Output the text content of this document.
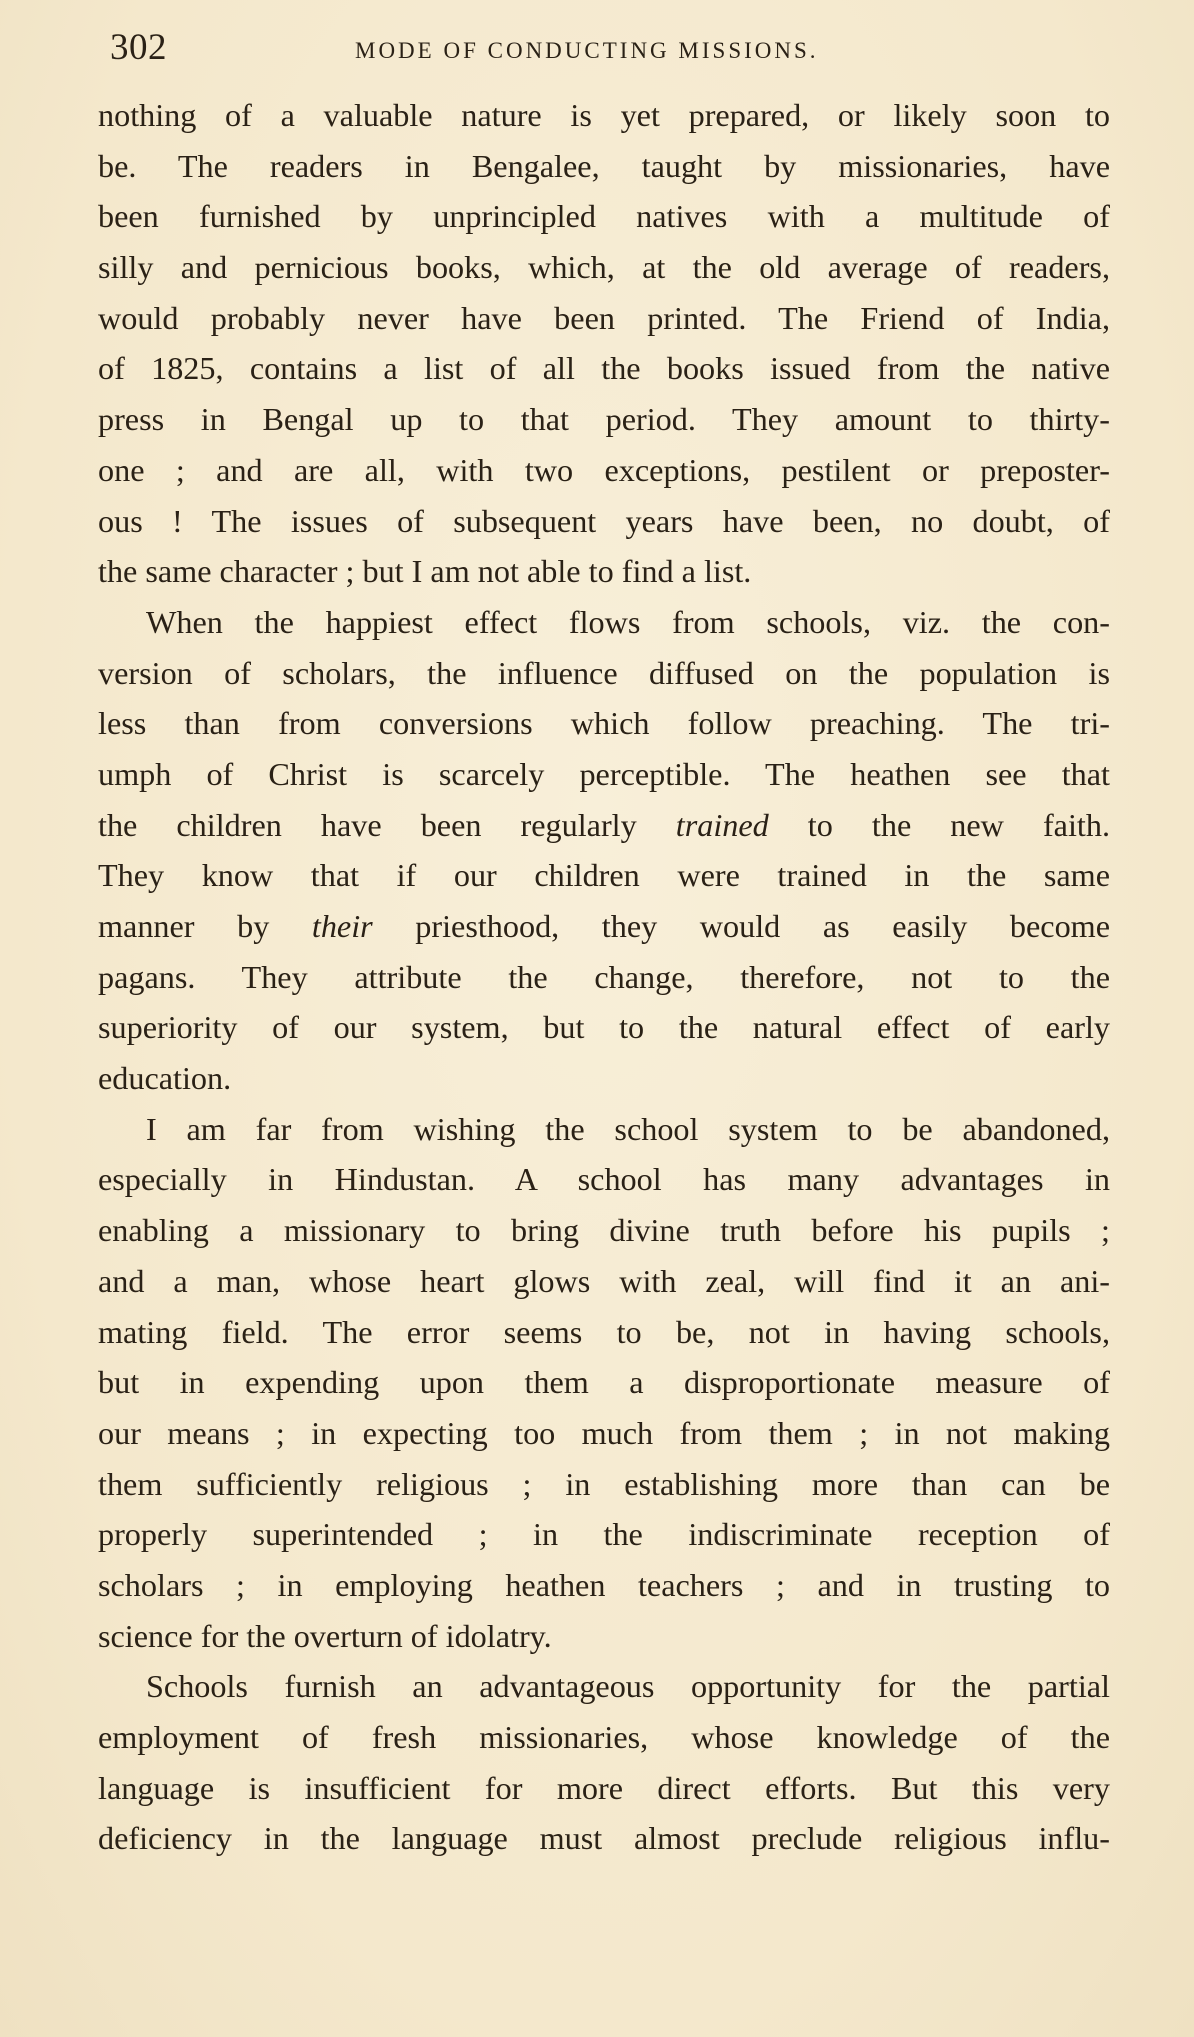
302	MODE OF CONDUCTING MISSIONS.
nothing of a valuable nature is yet prepared, or likely soon to
be. The readers in Bengalee, taught by missionaries, have
been furnished by unprincipled natives with a multitude of
silly and pernicious books, which, at the old average of readers,
would probably never have been printed. The Friend of India,
of 1825, contains a list of all the books issued from the native
press in Bengal up to that period. They amount to thirty-
one ; and are all, with two exceptions, pestilent or preposter-
ous ! The issues of subsequent years have been, no doubt, of
the same character ; but I am not able to find a list.
When the happiest effect flows from schools, viz. the con-
version of scholars, the influence diffused on the population is
less than from conversions which follow preaching. The tri-
umph of Christ is scarcely perceptible. The heathen see that
the children have been regularly trained to the new faith.
They know that if our children were trained in the same
manner by their priesthood, they would as easily become
pagans. They attribute the change, therefore, not to the
superiority of our system, but to the natural effect of early
education.
I am far from wishing the school system to be abandoned,
especially in Hindustan. A school has many advantages in
enabling a missionary to bring divine truth before his pupils ;
and a man, whose heart glows with zeal, will find it an ani-
mating field. The error seems to be, not in having schools,
but in expending upon them a disproportionate measure of
our means ; in expecting too much from them ; in not making
them sufficiently religious ; in establishing more than can be
properly superintended ; in the indiscriminate reception of
scholars ; in employing heathen teachers ; and in trusting to
science for the overturn of idolatry.
Schools furnish an advantageous opportunity for the partial
employment of fresh missionaries, whose knowledge of the
language is insufficient for more direct efforts. But this very
deficiency in the language must almost preclude religious influ-
